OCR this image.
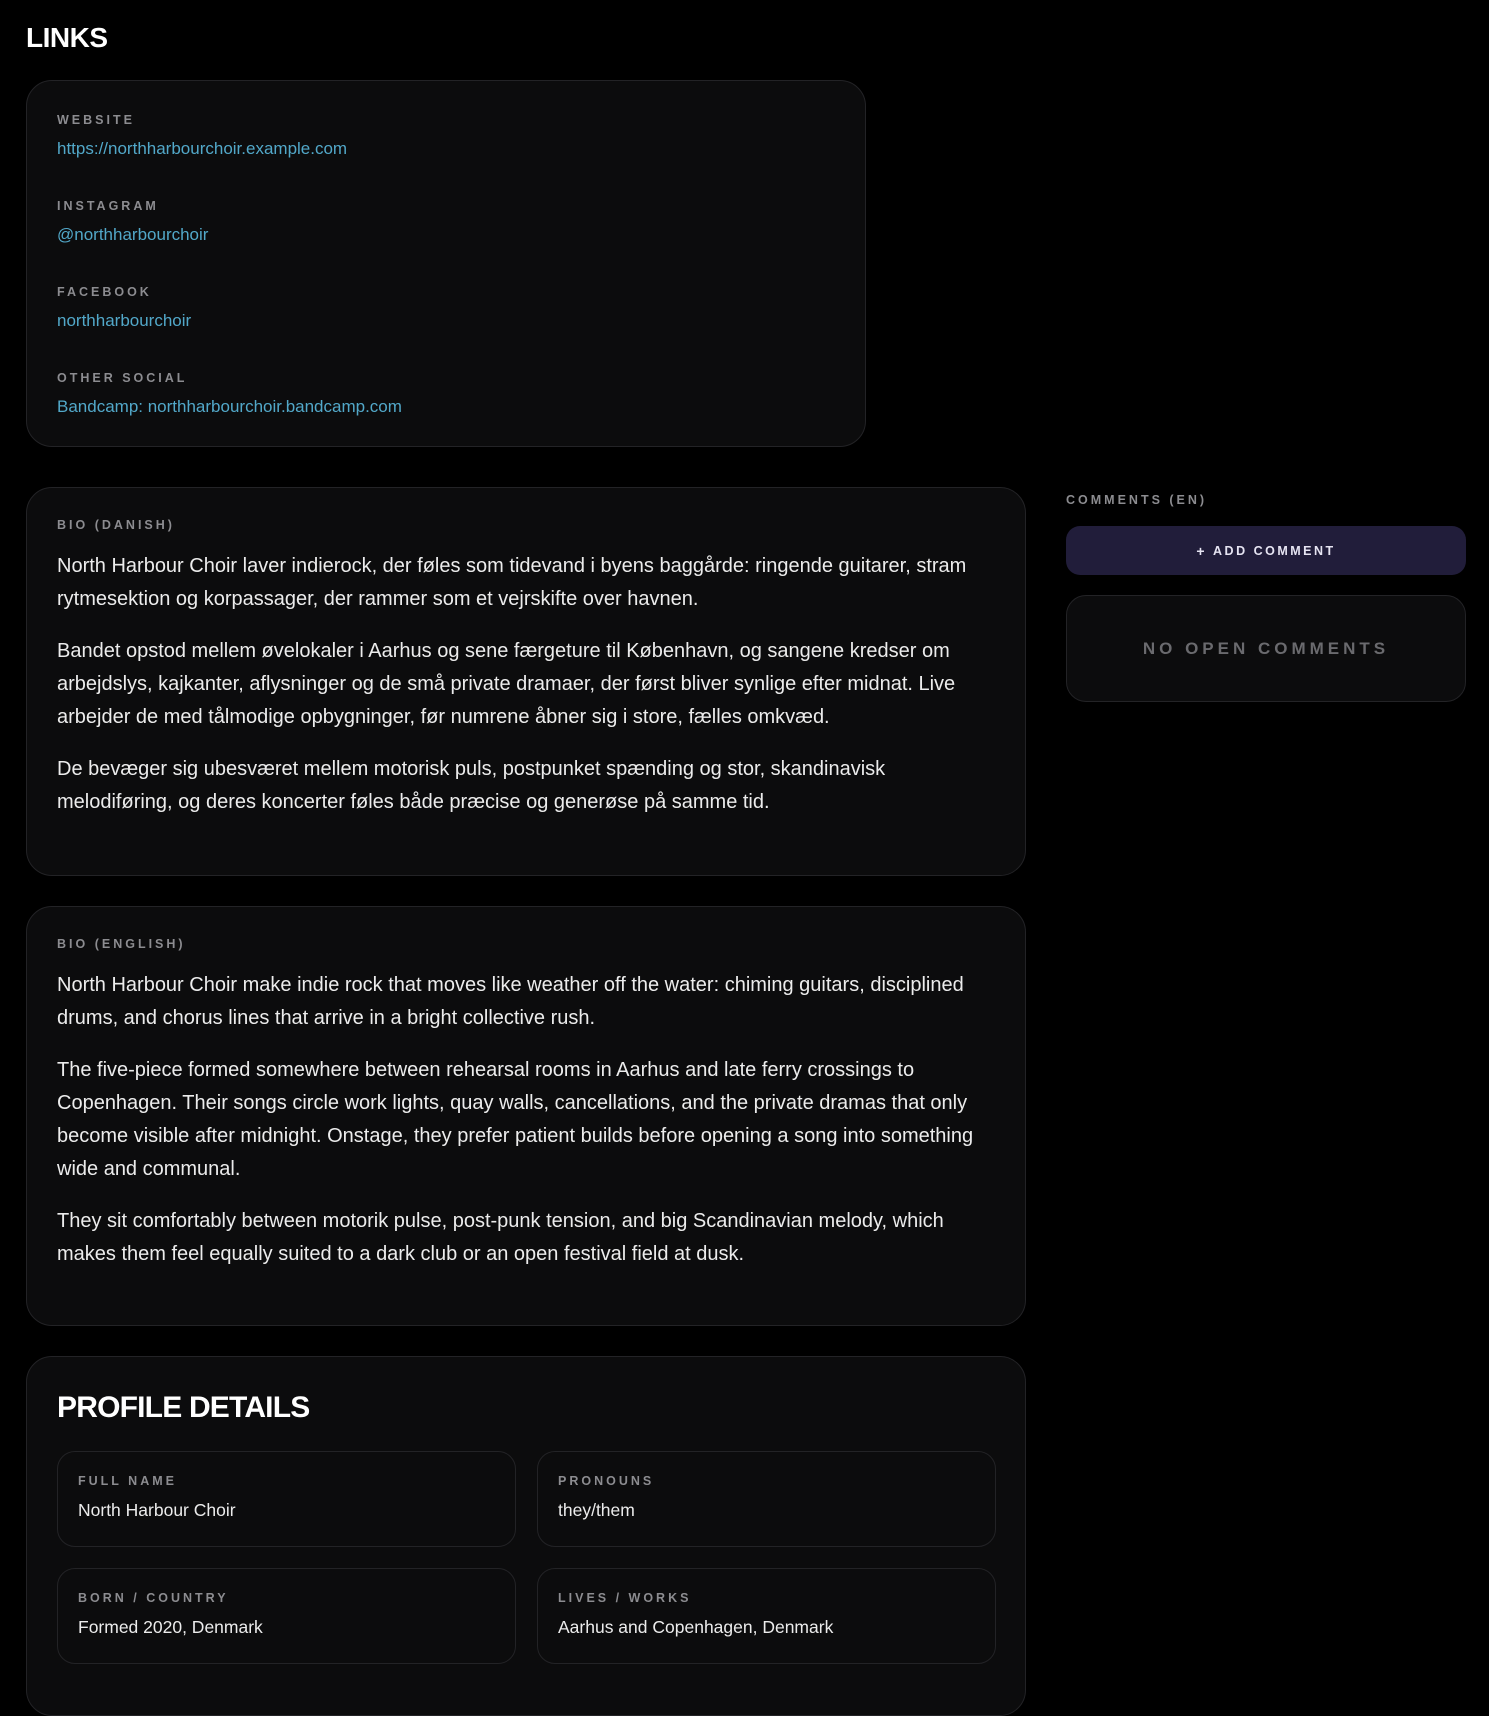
LINKS
WEBSITE
https://northharbourchoir.example.com
INSTAGRAM
@northharbourchoir
FACEBOOK
northharbourchoir
OTHER SOCIAL
Bandcamp: northharbourchoir.bandcamp.com
BIO (DANISH)

North Harbour Choir laver indierock, der føles som tidevand i byens baggårde: ringende guitarer, stram rytmesektion og korpassager, der rammer som et vejrskifte over havnen.

Bandet opstod mellem øvelokaler i Aarhus og sene færgeture til København, og sangene kredser om arbejdslys, kajkanter, aflysninger og de små private dramaer, der først bliver synlige efter midnat. Live arbejder de med tålmodige opbygninger, før numrene åbner sig i store, fælles omkvæd.

De bevæger sig ubesværet mellem motorisk puls, postpunket spænding og stor, skandinavisk melodiføring, og deres koncerter føles både præcise og generøse på samme tid.

BIO (ENGLISH)

North Harbour Choir make indie rock that moves like weather off the water: chiming guitars, disciplined drums, and chorus lines that arrive in a bright collective rush.

The five-piece formed somewhere between rehearsal rooms in Aarhus and late ferry crossings to Copenhagen. Their songs circle work lights, quay walls, cancellations, and the private dramas that only become visible after midnight. Onstage, they prefer patient builds before opening a song into something wide and communal.

They sit comfortably between motorik pulse, post-punk tension, and big Scandinavian melody, which makes them feel equally suited to a dark club or an open festival field at dusk.

PROFILE DETAILS
FULL NAME
North Harbour Choir
PRONOUNS
they/them
BORN / COUNTRY
Formed 2020, Denmark
LIVES / WORKS
Aarhus and Copenhagen, Denmark
COMMENTS (EN)
+ ADD COMMENT
NO OPEN COMMENTS
